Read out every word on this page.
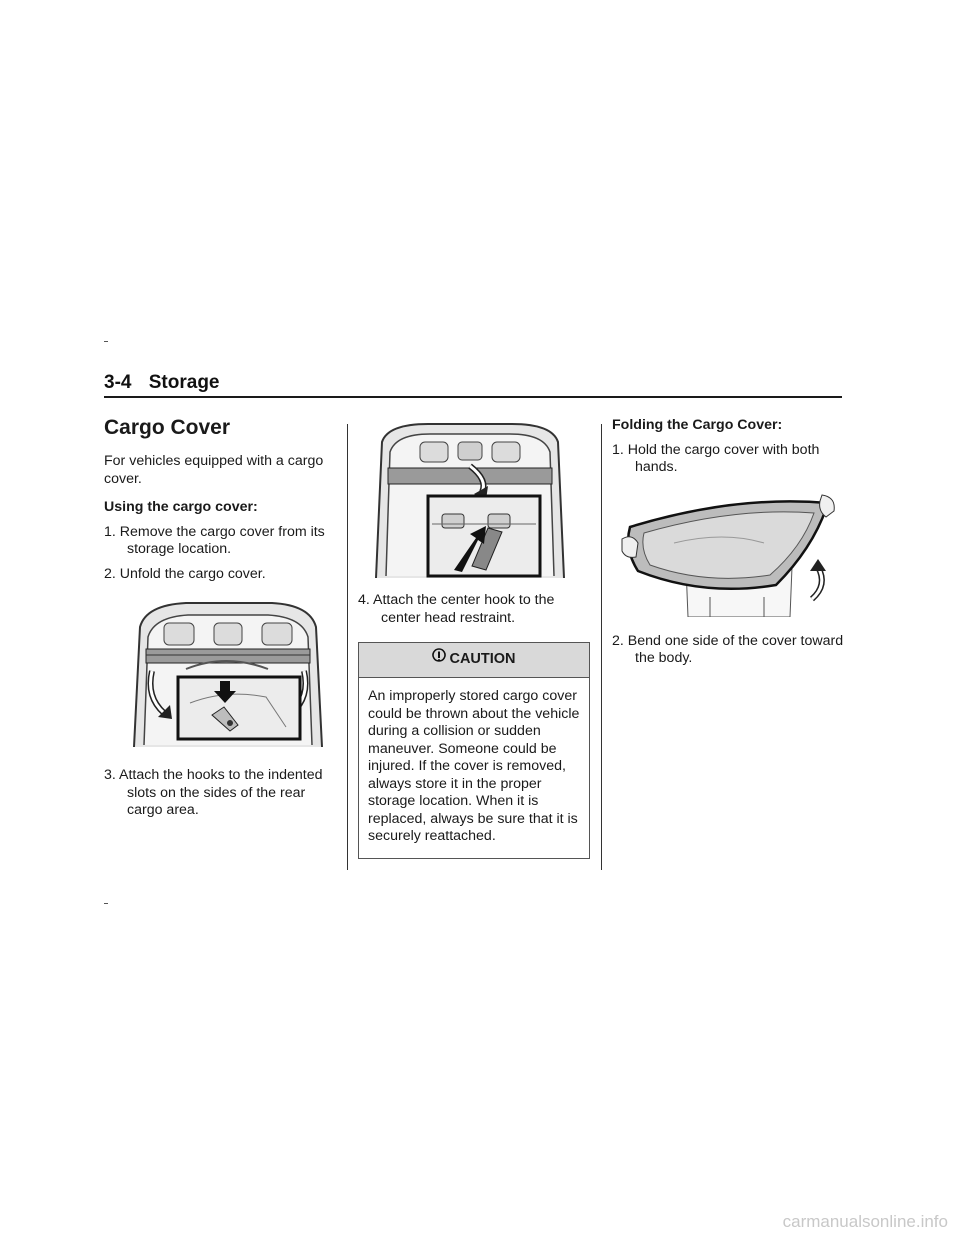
3-4 Storage
Cargo Cover

For vehicles equipped with a cargo cover.

Using the cargo cover:

1. Remove the cargo cover from its storage location.

2. Unfold the cargo cover.

3. Attach the hooks to the indented slots on the sides of the rear cargo area.

4. Attach the center hook to the center head restraint.

CAUTION
An improperly stored cargo cover could be thrown about the vehicle during a collision or sudden maneuver. Someone could be injured. If the cover is removed, always store it in the proper storage location. When it is replaced, always be sure that it is securely reattached.

Folding the Cargo Cover:

1. Hold the cargo cover with both hands.

2. Bend one side of the cover toward the body.

carmanualsonline.info
